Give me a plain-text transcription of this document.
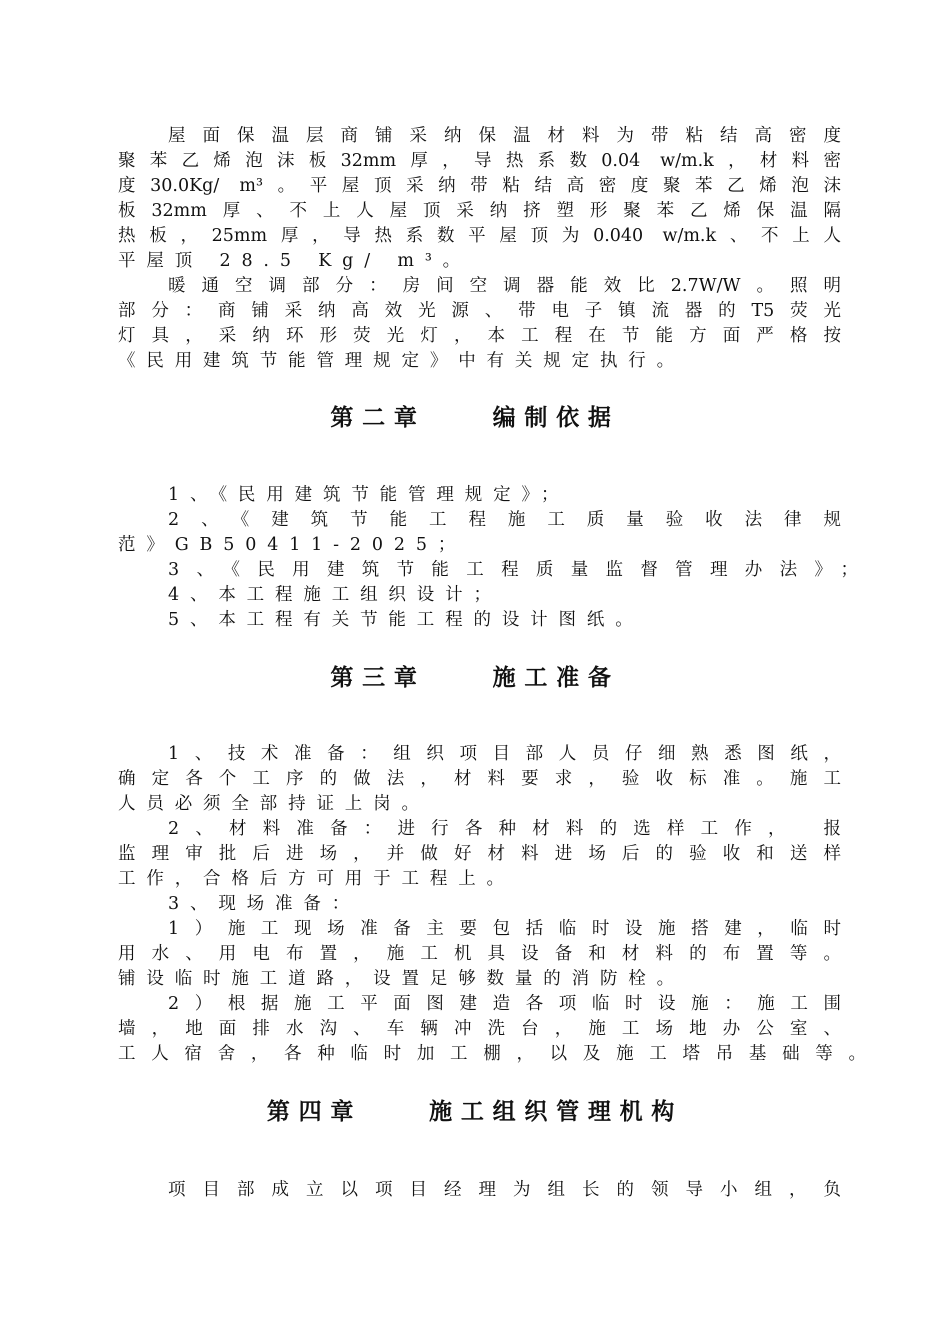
屋面保温层商铺采纳保温材料为带粘结高密度
聚苯乙烯泡沫板32mm厚，导热系数0.04 w/m.k，材料密
度30.0Kg/ m³。平屋顶采纳带粘结高密度聚苯乙烯泡沫
板32mm厚、不上人屋顶采纳挤塑形聚苯乙烯保温隔
热板，25mm厚，导热系数平屋顶为0.040 w/m.k、不上人
平屋顶 28.5 Kg/ m³。
暖通空调部分：房间空调器能效比2.7W/W。照明
部分：商铺采纳高效光源、带电子镇流器的T5荧光
灯具，采纳环形荧光灯，本工程在节能方面严格按
《民用建筑节能管理规定》中有关规定执行。
第二章    编制依据
1、《民用建筑节能管理规定》；
2、《建筑节能工程施工质量验收法律规
范》GB50411-2025；
3、《民用建筑节能工程质量监督管理办法》；
4、本工程施工组织设计；
5、本工程有关节能工程的设计图纸。
第三章    施工准备
1、技术准备：组织项目部人员仔细熟悉图纸，
确定各个工序的做法，材料要求，验收标准。施工
人员必须全部持证上岗。
2、材料准备：进行各种材料的选样工作， 报
监理审批后进场，并做好材料进场后的验收和送样
工作，合格后方可用于工程上。
3、现场准备：
1）施工现场准备主要包括临时设施搭建，临时
用水、用电布置，施工机具设备和材料的布置等。
铺设临时施工道路，设置足够数量的消防栓。
2）根据施工平面图建造各项临时设施：施工围
墙，地面排水沟、车辆冲洗台，施工场地办公室、
工人宿舍，各种临时加工棚，以及施工塔吊基础等。
第四章    施工组织管理机构
项目部成立以项目经理为组长的领导小组，负
